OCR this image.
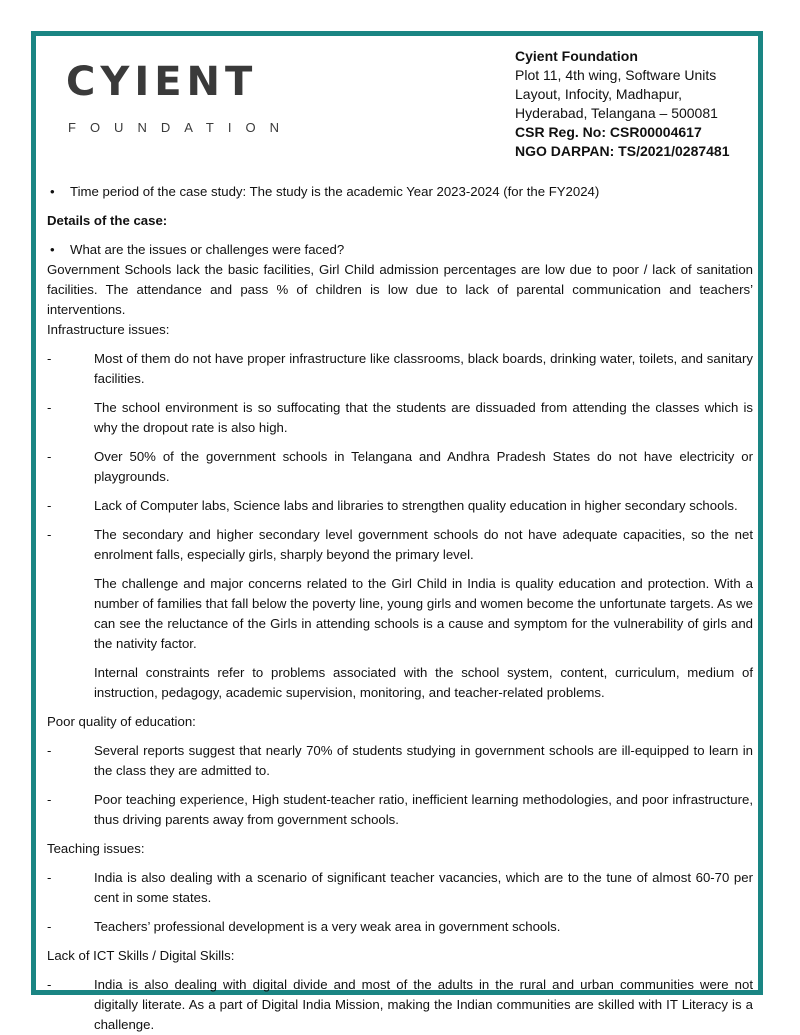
CYIENT
FOUNDATION
Cyient Foundation
Plot 11, 4th wing, Software Units
Layout, Infocity, Madhapur,
Hyderabad, Telangana – 500081
CSR Reg. No: CSR00004617
NGO DARPAN: TS/2021/0287481
• Time period of the case study: The study is the academic Year 2023-2024 (for the FY2024)
Details of the case:
• What are the issues or challenges were faced?
Government Schools lack the basic facilities, Girl Child admission percentages are low due to poor / lack of sanitation facilities. The attendance and pass % of children is low due to lack of parental communication and teachers’ interventions.
Infrastructure issues:
-	Most of them do not have proper infrastructure like classrooms, black boards, drinking water, toilets, and sanitary facilities.
-	The school environment is so suffocating that the students are dissuaded from attending the classes which is why the dropout rate is also high.
-	Over 50% of the government schools in Telangana and Andhra Pradesh States do not have electricity or playgrounds.
-	Lack of Computer labs, Science labs and libraries to strengthen quality education in higher secondary schools.
-	The secondary and higher secondary level government schools do not have adequate capacities, so the net enrolment falls, especially girls, sharply beyond the primary level.
The challenge and major concerns related to the Girl Child in India is quality education and protection. With a number of families that fall below the poverty line, young girls and women become the unfortunate targets. As we can see the reluctance of the Girls in attending schools is a cause and symptom for the vulnerability of girls and the nativity factor.
Internal constraints refer to problems associated with the school system, content, curriculum, medium of instruction, pedagogy, academic supervision, monitoring, and teacher-related problems.
Poor quality of education:
-	Several reports suggest that nearly 70% of students studying in government schools are ill-equipped to learn in the class they are admitted to.
-	Poor teaching experience, High student-teacher ratio, inefficient learning methodologies, and poor infrastructure, thus driving parents away from government schools.
Teaching issues:
-	India is also dealing with a scenario of significant teacher vacancies, which are to the tune of almost 60-70 per cent in some states.
-	Teachers’ professional development is a very weak area in government schools.
Lack of ICT Skills / Digital Skills:
-	India is also dealing with digital divide and most of the adults in the rural and urban communities were not digitally literate. As a part of Digital India Mission, making the Indian communities are skilled with IT Literacy is a challenge.
